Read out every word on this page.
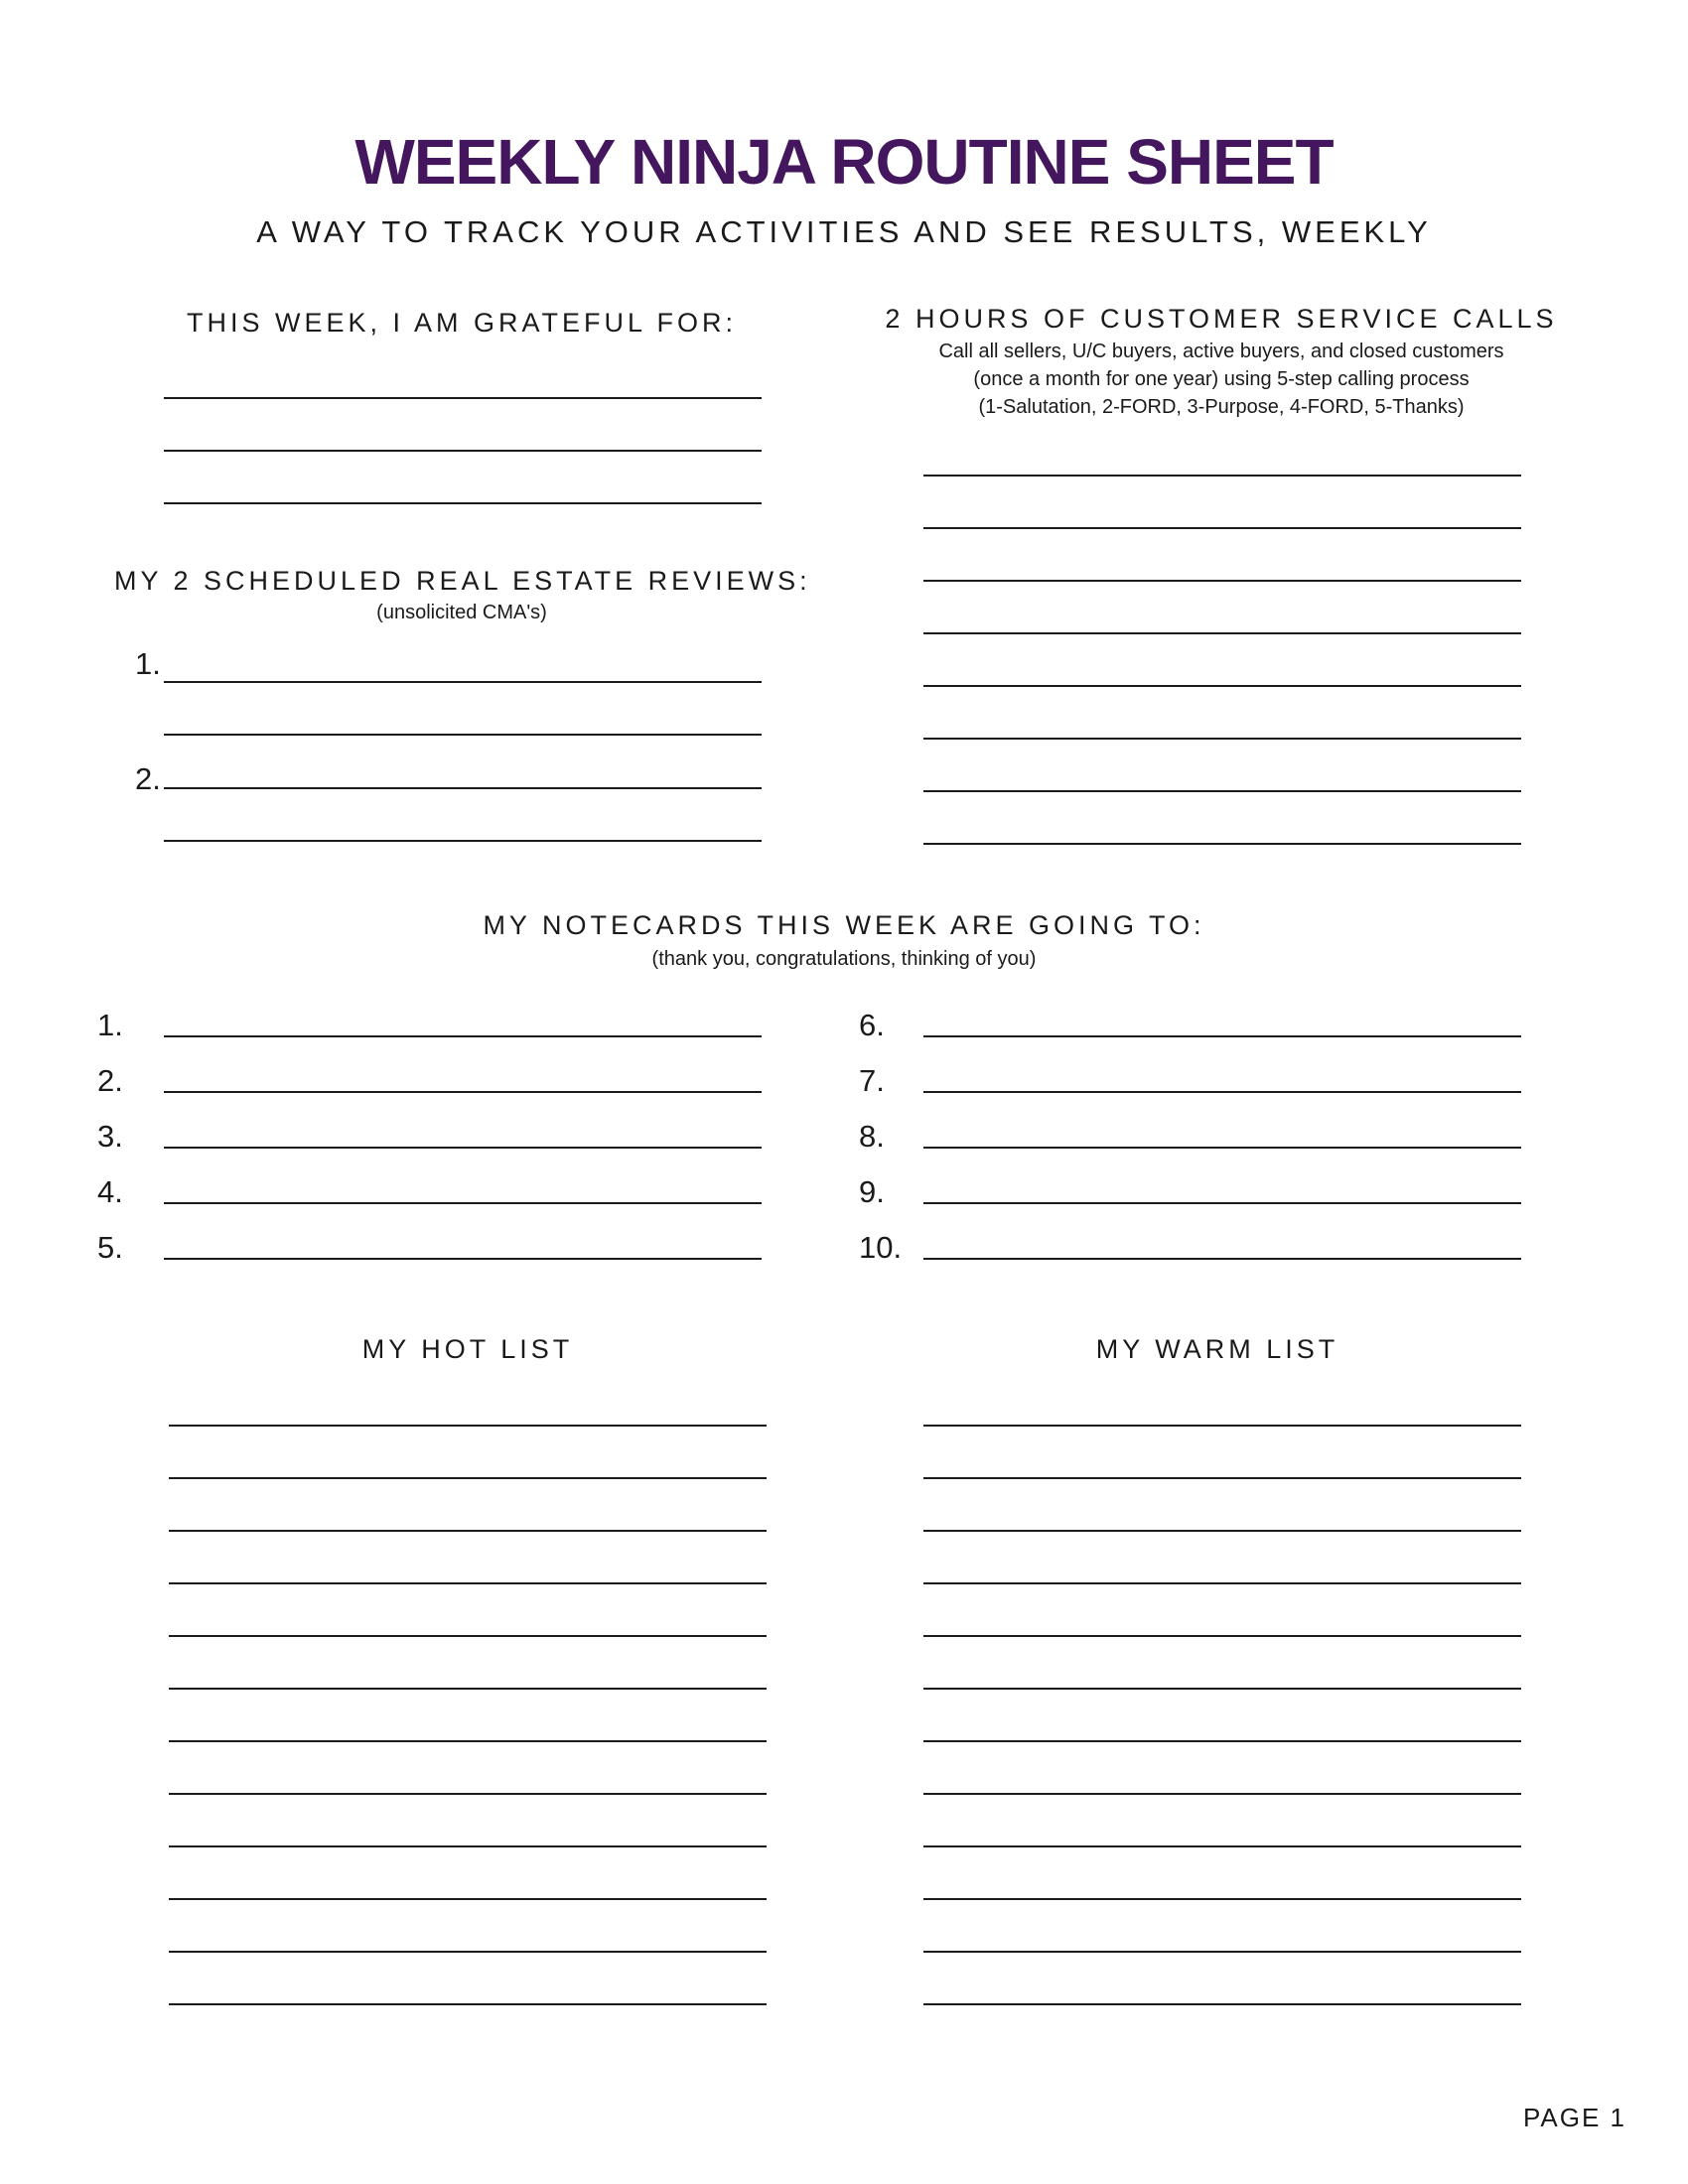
WEEKLY NINJA ROUTINE SHEET
A WAY TO TRACK YOUR ACTIVITIES AND SEE RESULTS, WEEKLY
THIS WEEK, I AM GRATEFUL FOR:
MY 2 SCHEDULED REAL ESTATE REVIEWS:
(unsolicited CMA's)
1.
2.
2 HOURS OF CUSTOMER SERVICE CALLS
Call all sellers, U/C buyers, active buyers, and closed customers
(once a month for one year) using 5-step calling process
(1-Salutation, 2-FORD, 3-Purpose, 4-FORD, 5-Thanks)
MY NOTECARDS THIS WEEK ARE GOING TO:
(thank you, congratulations, thinking of you)
1.
2.
3.
4.
5.
6.
7.
8.
9.
10.
MY HOT LIST	MY WARM LIST
PAGE 1
